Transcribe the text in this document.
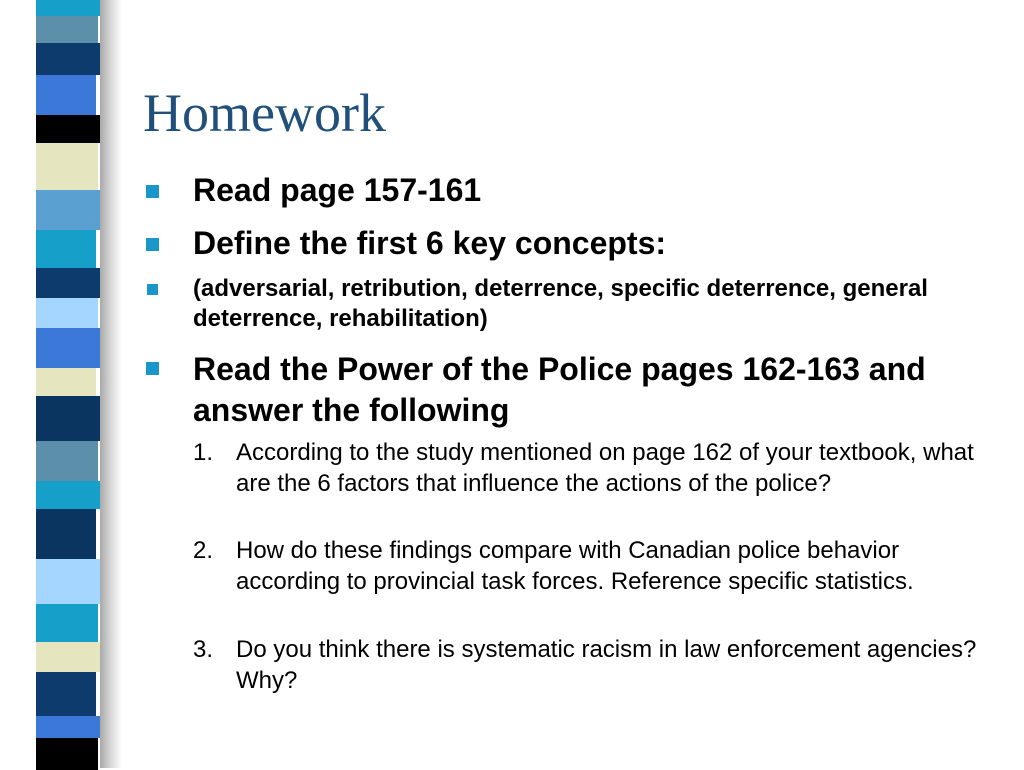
Homework

Read page 157-161

Define the first 6 key concepts:

(adversarial, retribution, deterrence, specific deterrence, general deterrence, rehabilitation)

Read the Power of the Police pages 162-163 and answer the following

1. According to the study mentioned on page 162 of your textbook, what are the 6 factors that influence the actions of the police?

2. How do these findings compare with Canadian police behavior according to provincial task forces. Reference specific statistics.

3. Do you think there is systematic racism in law enforcement agencies? Why?
